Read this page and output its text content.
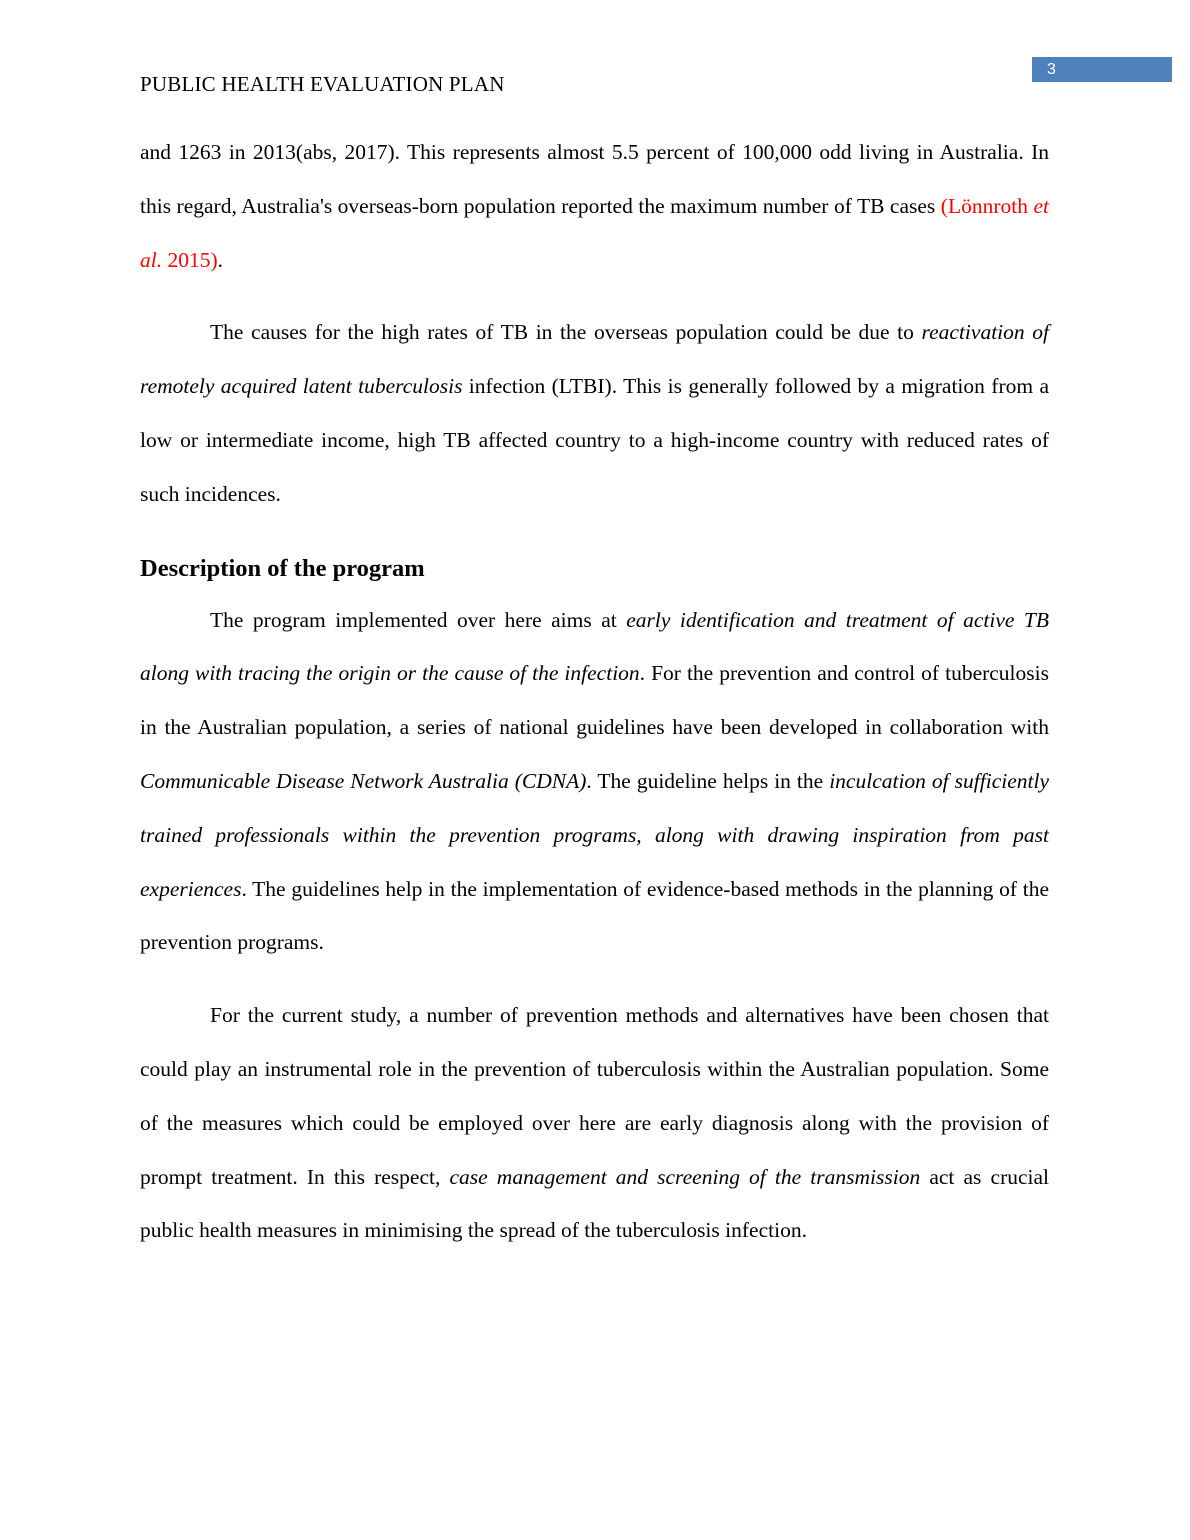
3
PUBLIC HEALTH EVALUATION PLAN

and 1263 in 2013(abs, 2017). This represents almost 5.5 percent of 100,000 odd living in Australia. In this regard, Australia's overseas-born population reported the maximum number of TB cases (Lönnroth et al. 2015).

The causes for the high rates of TB in the overseas population could be due to reactivation of remotely acquired latent tuberculosis infection (LTBI). This is generally followed by a migration from a low or intermediate income, high TB affected country to a high-income country with reduced rates of such incidences.

Description of the program

The program implemented over here aims at early identification and treatment of active TB along with tracing the origin or the cause of the infection. For the prevention and control of tuberculosis in the Australian population, a series of national guidelines have been developed in collaboration with Communicable Disease Network Australia (CDNA). The guideline helps in the inculcation of sufficiently trained professionals within the prevention programs, along with drawing inspiration from past experiences. The guidelines help in the implementation of evidence-based methods in the planning of the prevention programs.

For the current study, a number of prevention methods and alternatives have been chosen that could play an instrumental role in the prevention of tuberculosis within the Australian population. Some of the measures which could be employed over here are early diagnosis along with the provision of prompt treatment. In this respect, case management and screening of the transmission act as crucial public health measures in minimising the spread of the tuberculosis infection.
